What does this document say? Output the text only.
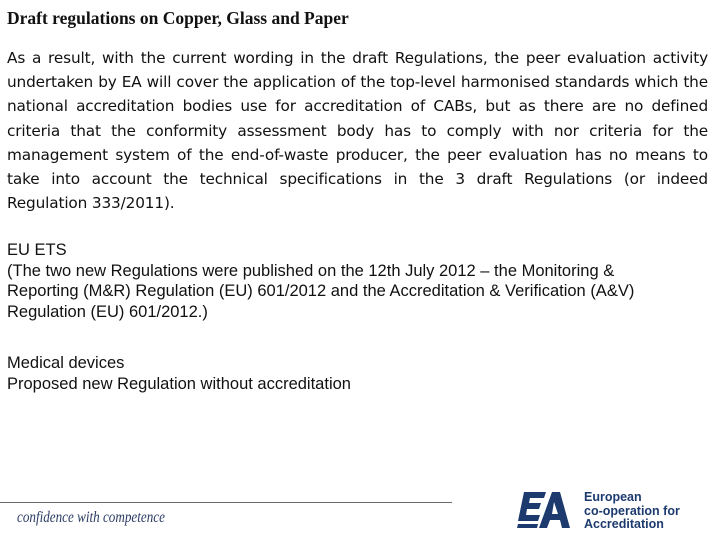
Draft regulations on Copper, Glass and Paper
As a result, with the current wording in the draft Regulations, the peer evaluation activity undertaken by EA will cover the application of the top-level harmonised standards which the national accreditation bodies use for accreditation of CABs, but as there are no defined criteria that the conformity assessment body has to comply with nor criteria for the management system of the end-of-waste producer, the peer evaluation has no means to take into account the technical specifications in the 3 draft Regulations (or indeed Regulation 333/2011).
EU ETS
(The two new Regulations were published on the 12th July 2012 – the Monitoring &
Reporting (M&R) Regulation (EU) 601/2012 and the Accreditation & Verification (A&V)
Regulation (EU) 601/2012.)
Medical devices
Proposed new Regulation without accreditation
confidence with competence
European
co-operation for
Accreditation
